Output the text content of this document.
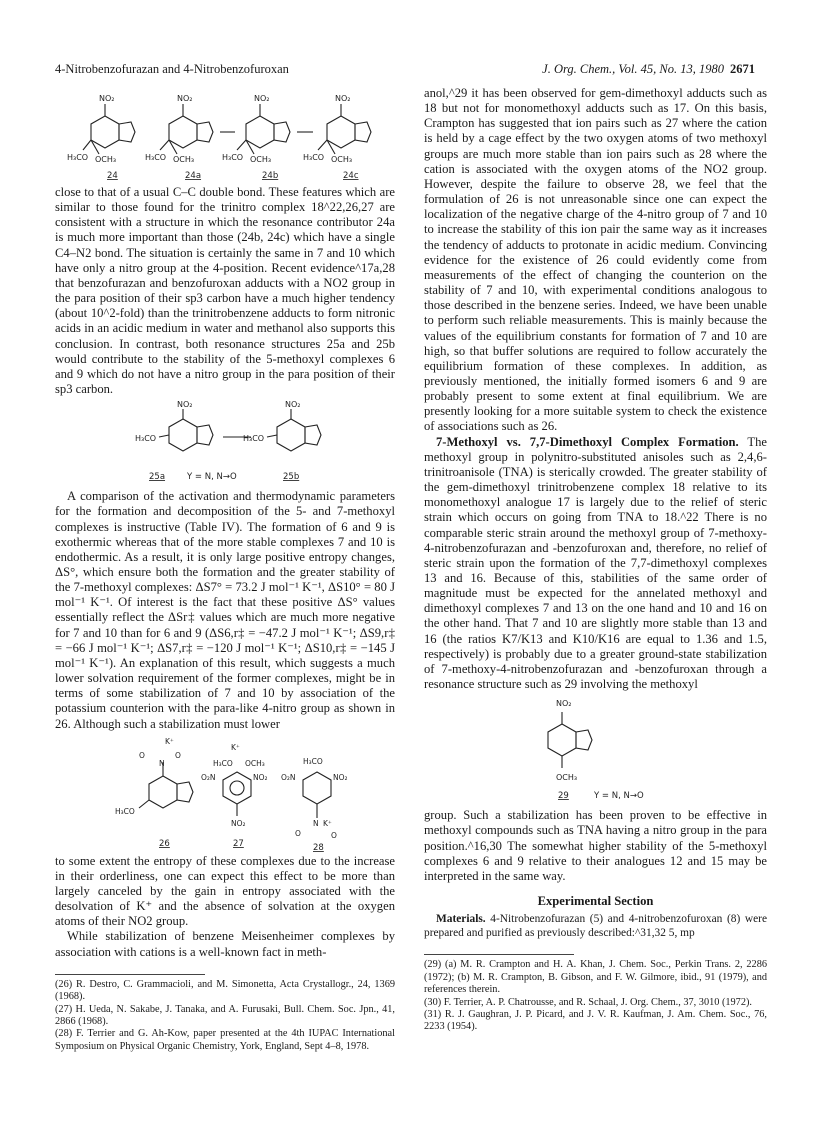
4-Nitrobenzofurazan and 4-Nitrobenzofuroxan	J. Org. Chem., Vol. 45, No. 13, 1980 2671
NO₂	NO₂	NO₂	NO₂
H₃CO OCH₃	H₃CO OCH₃	H₃CO OCH₃	H₃CO OCH₃
24	24a	24b	24c

close to that of a usual C–C double bond. These features which are similar to those found for the trinitro complex 18^22,26,27 are consistent with a structure in which the resonance contributor 24a is much more important than those (24b, 24c) which have a single C4–N2 bond. The situation is certainly the same in 7 and 10 which have only a nitro group at the 4-position. Recent evidence^17a,28 that benzofurazan and benzofuroxan adducts with a NO2 group in the para position of their sp3 carbon have a much higher tendency (about 10^2-fold) than the trinitrobenzene adducts to form nitronic acids in an acidic medium in water and methanol also supports this conclusion. In contrast, both resonance structures 25a and 25b would contribute to the stability of the 5-methoxyl complexes 6 and 9 which do not have a nitro group in the para position of their sp3 carbon.

NO₂
H₃CO
NO₂
H₃CO
25a	Y = N, N→O	25b

A comparison of the activation and thermodynamic parameters for the formation and decomposition of the 5- and 7-methoxyl complexes is instructive (Table IV). The formation of 6 and 9 is exothermic whereas that of the more stable complexes 7 and 10 is endothermic. As a result, it is only large positive entropy changes, ΔS°, which ensure both the formation and the greater stability of the 7-methoxyl complexes: ΔS7° = 73.2 J mol⁻¹ K⁻¹, ΔS10° = 80 J mol⁻¹ K⁻¹. Of interest is the fact that these positive ΔS° values essentially reflect the ΔSr‡ values which are much more negative for 7 and 10 than for 6 and 9 (ΔS6,r‡ = −47.2 J mol⁻¹ K⁻¹; ΔS9,r‡ = −66 J mol⁻¹ K⁻¹; ΔS7,r‡ = −120 J mol⁻¹ K⁻¹; ΔS10,r‡ = −145 J mol⁻¹ K⁻¹). An explanation of this result, which suggests a much lower solvation requirement of the former complexes, might be in terms of some stabilization of 7 and 10 by association of the potassium counterion with the para-like 4-nitro group as shown in 26. Although such a stabilization must lower

K⁺
O	O
N
H₃CO
K⁺
H₃CO OCH₃
O₂N	NO₂
NO₂
H₃CO
O₂N	NO₂
N
O	O
K⁺
26	27	28

to some extent the entropy of these complexes due to the increase in their orderliness, one can expect this effect to be more than largely canceled by the gain in entropy associated with the desolvation of K⁺ and the absence of solvation at the oxygen atoms of their NO2 group.

While stabilization of benzene Meisenheimer complexes by association with cations is a well-known fact in meth-

(26) R. Destro, C. Grammacioli, and M. Simonetta, Acta Crystallogr., 24, 1369 (1968).

(27) H. Ueda, N. Sakabe, J. Tanaka, and A. Furusaki, Bull. Chem. Soc. Jpn., 41, 2866 (1968).

(28) F. Terrier and G. Ah-Kow, paper presented at the 4th IUPAC International Symposium on Physical Organic Chemistry, York, England, Sept 4–8, 1978.

anol,^29 it has been observed for gem-dimethoxyl adducts such as 18 but not for monomethoxyl adducts such as 17. On this basis, Crampton has suggested that ion pairs such as 27 where the cation is held by a cage effect by the two oxygen atoms of two methoxyl groups are much more stable than ion pairs such as 28 where the cation is associated with the oxygen atoms of the NO2 group. However, despite the failure to observe 28, we feel that the formulation of 26 is not unreasonable since one can expect the localization of the negative charge of the 4-nitro group of 7 and 10 to increase the stability of this ion pair the same way as it increases the tendency of adducts to protonate in acidic medium. Convincing evidence for the existence of 26 could evidently come from measurements of the effect of changing the counterion on the stability of 7 and 10, with experimental conditions analogous to those described in the benzene series. Indeed, we have been unable to perform such reliable measurements. This is mainly because the values of the equilibrium constants for formation of 7 and 10 are high, so that buffer solutions are required to follow accurately the equilibrium formation of these complexes. In addition, as previously mentioned, the initially formed isomers 6 and 9 are probably present to some extent at final equilibrium. We are presently looking for a more suitable system to check the existence of associations such as 26.

7-Methoxyl vs. 7,7-Dimethoxyl Complex Formation. The methoxyl group in polynitro-substituted anisoles such as 2,4,6-trinitroanisole (TNA) is sterically crowded. The greater stability of the gem-dimethoxyl trinitrobenzene complex 18 relative to its monomethoxyl analogue 17 is largely due to the relief of steric strain which occurs on going from TNA to 18.^22 There is no comparable steric strain around the methoxyl group of 7-methoxy-4-nitrobenzofurazan and -benzofuroxan and, therefore, no relief of steric strain upon the formation of the 7,7-dimethoxyl complexes 13 and 16. Because of this, stabilities of the same order of magnitude must be expected for the annelated methoxyl and dimethoxyl complexes 7 and 13 on the one hand and 10 and 16 on the other hand. That 7 and 10 are slightly more stable than 13 and 16 (the ratios K7/K13 and K10/K16 are equal to 1.36 and 1.5, respectively) is probably due to a greater ground-state stabilization of 7-methoxy-4-nitrobenzofurazan and -benzofuroxan through a resonance structure such as 29 involving the methoxyl

NO₂
OCH₃
29	Y = N, N→O

group. Such a stabilization has been proven to be effective in methoxyl compounds such as TNA having a nitro group in the para position.^16,30 The somewhat higher stability of the 5-methoxyl complexes 6 and 9 relative to their analogues 12 and 15 may be interpreted in the same way.

Experimental Section

Materials. 4-Nitrobenzofurazan (5) and 4-nitrobenzofuroxan (8) were prepared and purified as previously described:^31,32 5, mp

(29) (a) M. R. Crampton and H. A. Khan, J. Chem. Soc., Perkin Trans. 2, 2286 (1972); (b) M. R. Crampton, B. Gibson, and F. W. Gilmore, ibid., 91 (1979), and references therein.

(30) F. Terrier, A. P. Chatrousse, and R. Schaal, J. Org. Chem., 37, 3010 (1972).

(31) R. J. Gaughran, J. P. Picard, and J. V. R. Kaufman, J. Am. Chem. Soc., 76, 2233 (1954).
